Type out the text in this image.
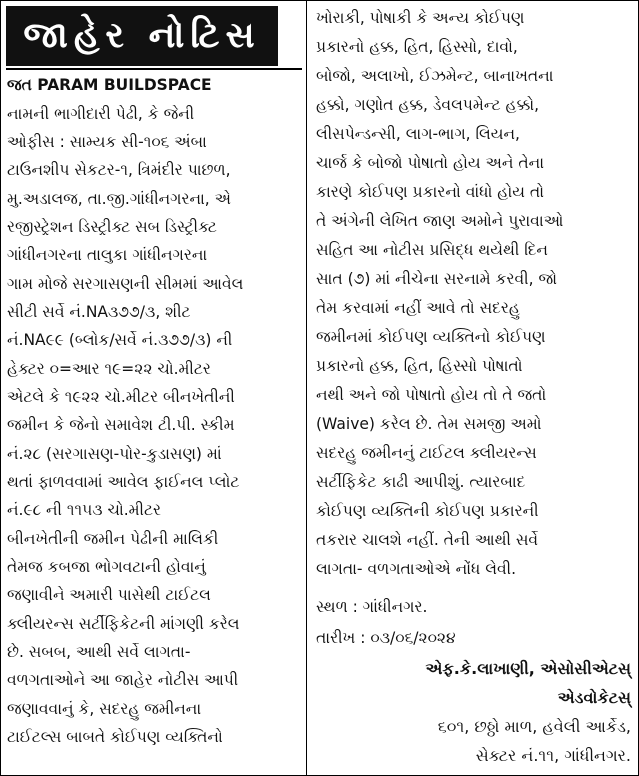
જાહેર નોટિસ
જત PARAM BUILDSPACE
નામની ભાગીદારી પેઢી, કે જેની
ઓફીસ : સામ્યક સી-૧૦૬ અંબા
ટાઉનશીપ સેકટર-૧, ત્રિમંદીર પાછળ,
મુ.અડાલજ, તા.જી.ગાંધીનગરના, એ
રજીસ્ટ્રેશન ડિસ્ટ્રીક્ટ સબ ડિસ્ટ્રીક્ટ
ગાંધીનગરના તાલુકા ગાંધીનગરના
ગામ મોજે સરગાસણની સીમમાં આવેલ
સીટી સર્વે નં.NA૩૭૭/૩, શીટ
નં.NA૯૯ (બ્લોક/સર્વે નં.૩૭૭/૩) ની
હેક્ટર ૦=આર ૧૯=૨૨ ચો.મીટર
એટલે કે ૧૯૨૨ ચો.મીટર બીનખેતીની
જમીન કે જેનો સમાવેશ ટી.પી. સ્કીમ
નં.૨૮ (સરગાસણ-પોર-કુડાસણ) માં
થતાં ફાળવવામાં આવેલ ફાઈનલ પ્લોટ
નં.૯૮ ની ૧૧૫૩ ચો.મીટર
બીનખેતીની જમીન પેઢીની માલિકી
તેમજ કબજા ભોગવટાની હોવાનું
જણાવીને અમારી પાસેથી ટાઈટલ
ક્લીયરન્સ સર્ટીફિકેટની માંગણી કરેલ
છે. સબબ, આથી સર્વે લાગતા-
વળગતાઓને આ જાહેર નોટીસ આપી
જણાવવાનું કે, સદરહુ જમીનના
ટાઈટલ્સ બાબતે કોઈપણ વ્યક્તિનો
ખોરાકી, પોષાકી કે અન્ય કોઈપણ
પ્રકારનો હક્ક, હિત, હિસ્સો, દાવો,
બોજો, અલાખો, ઈઝમેન્ટ, બાનાખતના
હક્કો, ગણોત હક્ક, ડેવલપમેન્ટ હક્કો,
લીસપેન્ડન્સી, લાગ-ભાગ, લિયન,
ચાર્જ કે બોજો પોષાતો હોય અને તેના
કારણે કોઈપણ પ્રકારનો વાંધો હોય તો
તે અંગેની લેખિત જાણ અમોને પુરાવાઓ
સહિત આ નોટીસ પ્રસિદ્ધ થયેથી દિન
સાત (૭) માં નીચેના સરનામે કરવી, જો
તેમ કરવામાં નહીં આવે તો સદરહુ
જમીનમાં કોઈપણ વ્યક્તિનો કોઈપણ
પ્રકારનો હક્ક, હિત, હિસ્સો પોષાતો
નથી અને જો પોષાતો હોય તો તે જતો
(Waive) કરેલ છે. તેમ સમજી અમો
સદરહુ જમીનનું ટાઈટલ ક્લીયરન્સ
સર્ટીફિકેટ કાઢી આપીશું. ત્યારબાદ
કોઈપણ વ્યક્તિની કોઈપણ પ્રકારની
તકરાર ચાલશે નહીં. તેની આથી સર્વે
લાગતા- વળગતાઓએ નોંધ લેવી.
સ્થળ : ગાંધીનગર.
તારીખ : ૦૩/૦૬/૨૦૨૪
એફ.કે.લાખાણી, એસોસીએટસ્
એડવોકેટસ્
૬૦૧, છઠ્ઠો માળ, હવેલી આર્કેડ,
સેક્ટર નં.૧૧, ગાંધીનગર.
